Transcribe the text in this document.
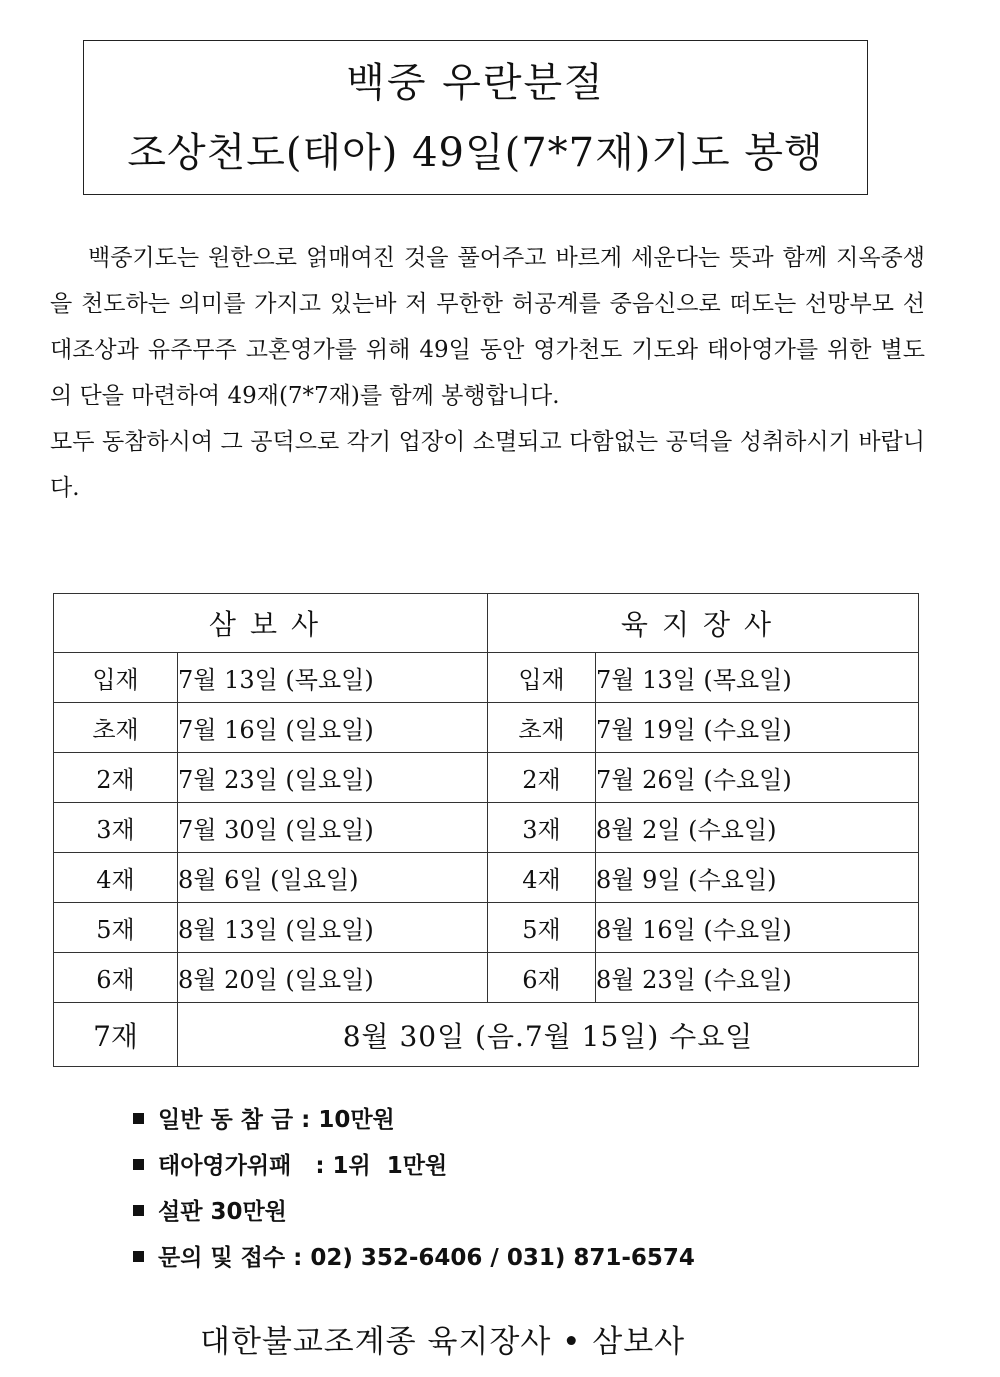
백중 우란분절
조상천도(태아) 49일(7*7재)기도 봉행

백중기도는 원한으로 얽매여진 것을 풀어주고 바르게 세운다는 뜻과 함께 지옥중생을 천도하는 의미를 가지고 있는바 저 무한한 허공계를 중음신으로 떠도는 선망부모 선대조상과 유주무주 고혼영가를 위해 49일 동안 영가천도 기도와 태아영가를 위한 별도의 단을 마련하여 49재(7*7재)를 함께 봉행합니다.

모두 동참하시여 그 공덕으로 각기 업장이 소멸되고 다함없는 공덕을 성취하시기 바랍니다.

삼보사		육지장사	
입재	7월 13일 (목요일)	입재	7월 13일 (목요일)
초재	7월 16일 (일요일)	초재	7월 19일 (수요일)
2재	7월 23일 (일요일)	2재	7월 26일 (수요일)
3재	7월 30일 (일요일)	3재	8월 2일 (수요일)
4재	8월 6일 (일요일)	4재	8월 9일 (수요일)
5재	8월 13일 (일요일)	5재	8월 16일 (수요일)
6재	8월 20일 (일요일)	6재	8월 23일 (수요일)
7재	8월 30일 (음.7월 15일) 수요일		
일반 동 참 금 : 10만원
태아영가위패   : 1위  1만원
설판 30만원
문의 및 접수 : 02) 352-6406 / 031) 871-6574
대한불교조계종 육지장사 • 삼보사
